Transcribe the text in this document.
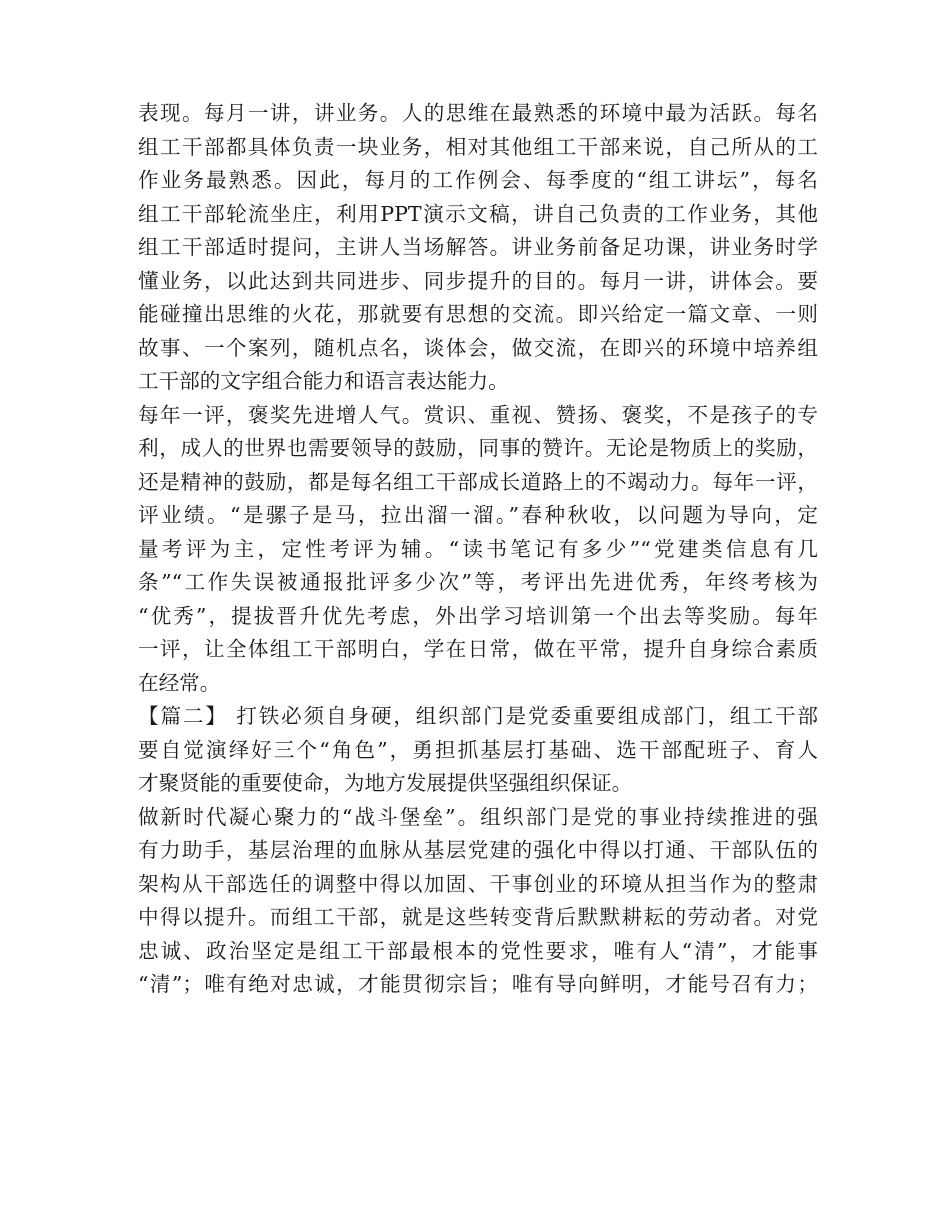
表现。每月一讲，讲业务。人的思维在最熟悉的环境中最为活跃。每名
组工干部都具体负责一块业务，相对其他组工干部来说，自己所从的工
作业务最熟悉。因此，每月的工作例会、每季度的“组工讲坛”，每名
组工干部轮流坐庄，利用PPT演示文稿，讲自己负责的工作业务，其他
组工干部适时提问，主讲人当场解答。讲业务前备足功课，讲业务时学
懂业务，以此达到共同进步、同步提升的目的。每月一讲，讲体会。要
能碰撞出思维的火花，那就要有思想的交流。即兴给定一篇文章、一则
故事、一个案列，随机点名，谈体会，做交流，在即兴的环境中培养组
工干部的文字组合能力和语言表达能力。
每年一评，褒奖先进增人气。赏识、重视、赞扬、褒奖，不是孩子的专
利，成人的世界也需要领导的鼓励，同事的赞许。无论是物质上的奖励，
还是精神的鼓励，都是每名组工干部成长道路上的不竭动力。每年一评，
评业绩。“是骡子是马，拉出溜一溜。”春种秋收，以问题为导向，定
量考评为主，定性考评为辅。“读书笔记有多少”“党建类信息有几
条”“工作失误被通报批评多少次”等，考评出先进优秀，年终考核为
“优秀”，提拔晋升优先考虑，外出学习培训第一个出去等奖励。每年
一评，让全体组工干部明白，学在日常，做在平常，提升自身综合素质
在经常。
【篇二】 打铁必须自身硬，组织部门是党委重要组成部门，组工干部
要自觉演绎好三个“角色”，勇担抓基层打基础、选干部配班子、育人
才聚贤能的重要使命，为地方发展提供坚强组织保证。
做新时代凝心聚力的“战斗堡垒”。组织部门是党的事业持续推进的强
有力助手，基层治理的血脉从基层党建的强化中得以打通、干部队伍的
架构从干部选任的调整中得以加固、干事创业的环境从担当作为的整肃
中得以提升。而组工干部，就是这些转变背后默默耕耘的劳动者。对党
忠诚、政治坚定是组工干部最根本的党性要求，唯有人“清”，才能事
“清”；唯有绝对忠诚，才能贯彻宗旨；唯有导向鲜明，才能号召有力；
